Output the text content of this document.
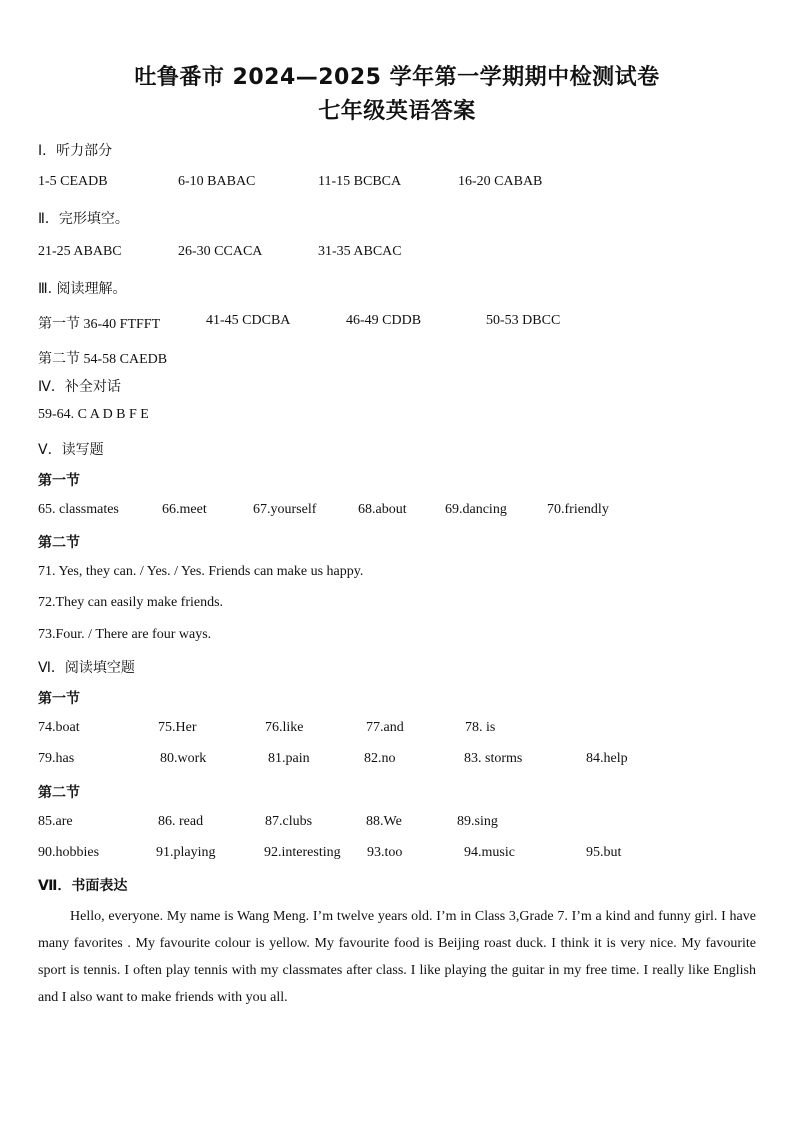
吐鲁番市 2024—2025 学年第一学期期中检测试卷
七年级英语答案
I．听力部分
1-5 CEADB	6-10 BABAC	11-15 BCBCA	16-20 CABAB
Ⅱ．完形填空。
21-25 ABABC	26-30 CCACA	31-35 ABCAC
Ⅲ. 阅读理解。
第一节 36-40 FTFFT	41-45 CDCBA	46-49 CDDB	50-53 DBCC
第二节 54-58 CAEDB
Ⅳ．补全对话
59-64. C A D B F E
V．读写题
第一节
65. classmates	66.meet	67.yourself	68.about	69.dancing	70.friendly
第二节
71. Yes, they can. / Yes. / Yes. Friends can make us happy.
72.They can easily make friends.
73.Four. / There are four ways.
Ⅵ．阅读填空题
第一节
74.boat	75.Her	76.like	77.and	78. is
79.has	80.work	81.pain	82.no	83. storms	84.help
第二节
85.are	86. read	87.clubs	88.We	89.sing
90.hobbies	91.playing	92.interesting 93.too	94.music	95.but
Ⅶ．书面表达
Hello, everyone. My name is Wang Meng. I’m twelve years old. I’m in Class 3,Grade 7. I’m a kind and funny girl. I have many favorites . My favourite colour is yellow. My favourite food is Beijing roast duck. I think it is very nice. My favourite sport is tennis. I often play tennis with my classmates after class. I like playing the guitar in my free time. I really like English and I also want to make friends with you all.
